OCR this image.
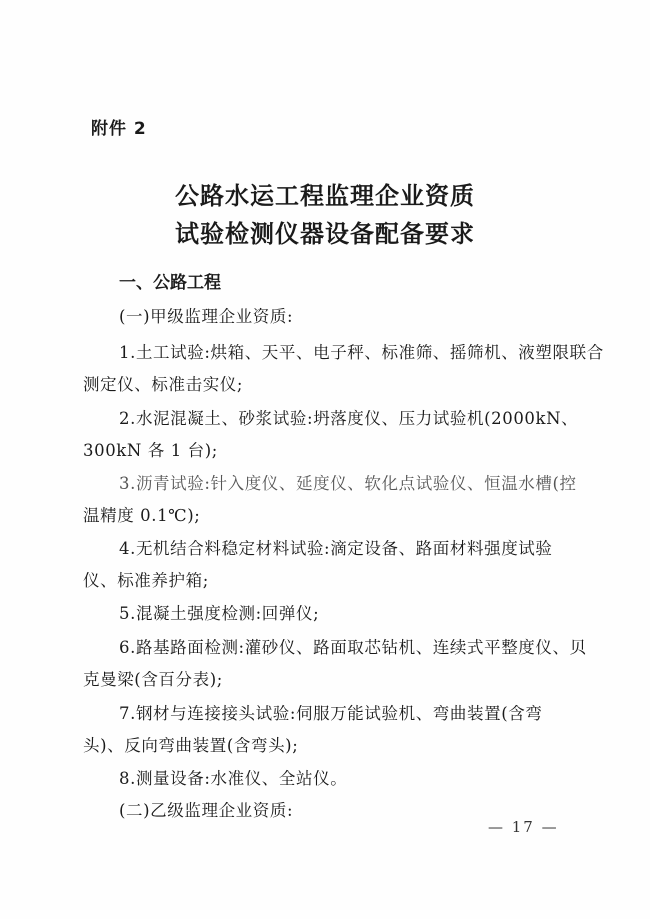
附件 2
公路水运工程监理企业资质
试验检测仪器设备配备要求
一、公路工程
(一)甲级监理企业资质:
1.土工试验:烘箱、天平、电子秤、标准筛、摇筛机、液塑限联合
测定仪、标准击实仪;
2.水泥混凝土、砂浆试验:坍落度仪、压力试验机(2000kN、
300kN 各 1 台);
3.沥青试验:针入度仪、延度仪、软化点试验仪、恒温水槽(控
温精度 0.1℃);
4.无机结合料稳定材料试验:滴定设备、路面材料强度试验
仪、标准养护箱;
5.混凝土强度检测:回弹仪;
6.路基路面检测:灌砂仪、路面取芯钻机、连续式平整度仪、贝
克曼梁(含百分表);
7.钢材与连接接头试验:伺服万能试验机、弯曲装置(含弯
头)、反向弯曲装置(含弯头);
8.测量设备:水准仪、全站仪。
(二)乙级监理企业资质:
— 17 —
